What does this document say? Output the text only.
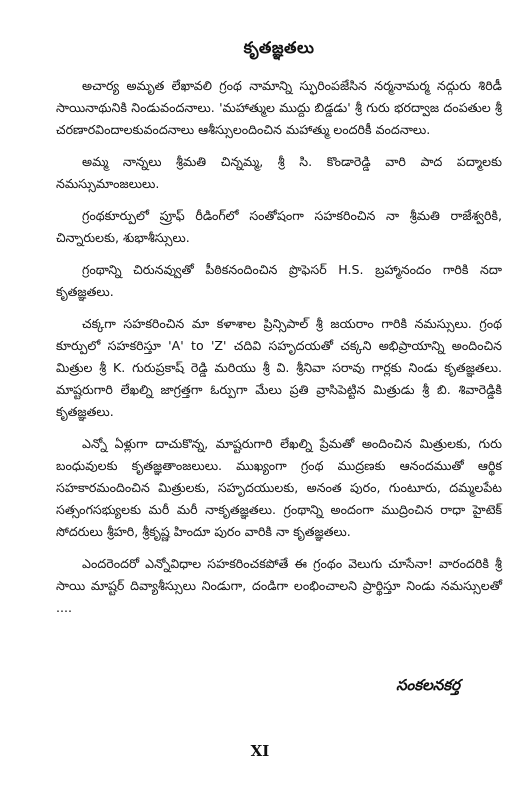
కృతజ్ఞతలు

అచార్య అమృత లేఖావలి గ్రంథ నామాన్ని స్ఫురింపజేసిన నర్మనామర్మ నద్గురు శిరిడీ సాయినాథునికి నిండువందనాలు. 'మహాత్ముల ముద్దు బిడ్డడు' శ్రీ గురు భరద్వాజ దంపతుల శ్రీ చరణారవిందాలకువందనాలు ఆశీస్సులందించిన మహాత్ము లందరికీ వందనాలు.

అమ్మ నాన్నలు శ్రీమతి చిన్నమ్మ, శ్రీ సి. కొండారెడ్డి వారి పాద పద్మాలకు నమస్సుమాంజలులు.

గ్రంథకూర్పులో ప్రూఫ్ రీడింగ్‌లో సంతోషంగా సహకరించిన నా శ్రీమతి రాజేశ్వరికి, చిన్నారులకు, శుభాశీస్సులు.

గ్రంథాన్ని చిరునవ్వుతో పీఠికనందించిన ప్రొఫెసర్ H.S. బ్రహ్మానందం గారికి నదా కృతజ్ఞతలు.

చక్కగా సహకరించిన మా కళాశాల ప్రిన్సిపాల్ శ్రీ జయరాం గారికి నమస్సులు. గ్రంథ కూర్పులో సహకరిస్తూ 'A' to 'Z' చదివి సహృదయతో చక్కని అభిప్రాయాన్ని అందించిన మిత్రుల శ్రీ K. గురుప్రకాష్ రెడ్డి మరియు శ్రీ వి. శ్రీనివా సరావు గార్లకు నిండు కృతజ్ఞతలు. మాష్టరుగారి లేఖల్ని జాగ్రత్తగా ఓర్పుగా మేలు ప్రతి వ్రాసిపెట్టిన మిత్రుడు శ్రీ బి. శివారెడ్డికి కృతజ్ఞతలు.

ఎన్నో ఏళ్లుగా దాచుకొన్న, మాష్టరుగారి లేఖల్ని ప్రేమతో అందించిన మిత్రులకు, గురు బంధువులకు కృతజ్ఞతాంజలులు. ముఖ్యంగా గ్రంథ ముద్రణకు ఆనందముతో ఆర్థిక సహకారమందించిన మిత్రులకు, సహృదయులకు, అనంత పురం, గుంటూరు, దమ్మలపేట సత్సంగసభ్యులకు మరీ మరీ నాకృతజ్ఞతలు. గ్రంథాన్ని అందంగా ముద్రించిన రాధా హైటెక్ సోదరులు శ్రీహరి, శ్రీకృష్ణ హిందూ పురం వారికి నా కృతజ్ఞతలు.

ఎందరెందరో ఎన్నోవిధాల సహకరించకపోతే ఈ గ్రంథం వెలుగు చూసేనా! వారందరికి శ్రీ సాయి మాష్టర్ దివ్యాశీస్సులు నిండుగా, దండిగా లంభించాలని ప్రార్థిస్తూ నిండు నమస్సులతో ....

సంకలనకర్త
XI
